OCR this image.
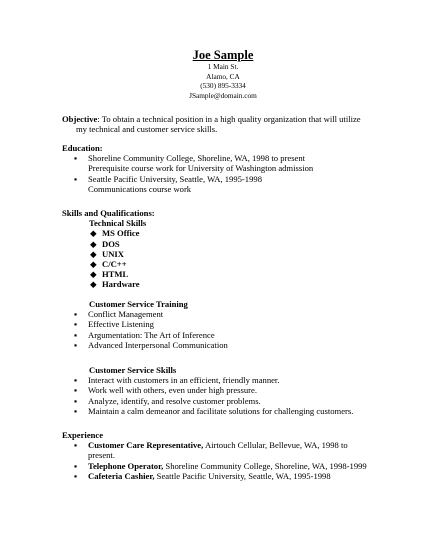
Joe Sample
1 Main St.
Alamo, CA
(530) 895-3334
JSample@domain.com
Objective: To obtain a technical position in a high quality organization that will utilize
my technical and customer service skills.
Education:
▪ Shoreline Community College, Shoreline, WA, 1998 to present
Prerequisite course work for University of Washington admission
▪ Seattle Pacific University, Seattle, WA, 1995-1998
Communications course work
Skills and Qualifications:
Technical Skills
◆ MS Office
◆ DOS
◆ UNIX
◆ C/C++
◆ HTML
◆ Hardware
Customer Service Training
▪ Conflict Management
▪ Effective Listening
▪ Argumentation: The Art of Inference
▪ Advanced Interpersonal Communication
Customer Service Skills
▪ Interact with customers in an efficient, friendly manner.
▪ Work well with others, even under high pressure.
▪ Analyze, identify, and resolve customer problems.
▪ Maintain a calm demeanor and facilitate solutions for challenging customers.
Experience
▪ Customer Care Representative, Airtouch Cellular, Bellevue, WA, 1998 to
present.
▪ Telephone Operator, Shoreline Community College, Shoreline, WA, 1998-1999
▪ Cafeteria Cashier, Seattle Pacific University, Seattle, WA, 1995-1998
